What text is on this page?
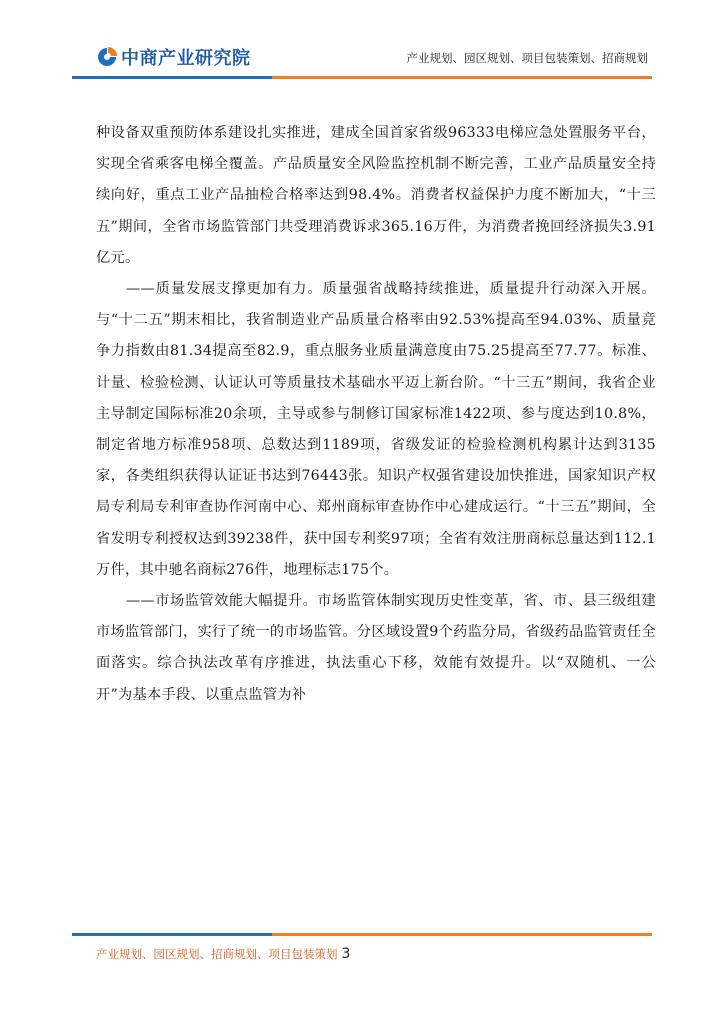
中商产业研究院	产业规划、园区规划、项目包装策划、招商规划

种设备双重预防体系建设扎实推进，建成全国首家省级96333电梯应急处置服务平台，实现全省乘客电梯全覆盖。产品质量安全风险监控机制不断完善，工业产品质量安全持续向好，重点工业产品抽检合格率达到98.4%。消费者权益保护力度不断加大，“十三五”期间，全省市场监管部门共受理消费诉求365.16万件，为消费者挽回经济损失3.91亿元。

——质量发展支撑更加有力。质量强省战略持续推进，质量提升行动深入开展。与“十二五”期末相比，我省制造业产品质量合格率由92.53%提高至94.03%、质量竞争力指数由81.34提高至82.9，重点服务业质量满意度由75.25提高至77.77。标准、计量、检验检测、认证认可等质量技术基础水平迈上新台阶。“十三五”期间，我省企业主导制定国际标准20余项，主导或参与制修订国家标准1422项、参与度达到10.8%，制定省地方标准958项、总数达到1189项，省级发证的检验检测机构累计达到3135家，各类组织获得认证证书达到76443张。知识产权强省建设加快推进，国家知识产权局专利局专利审查协作河南中心、郑州商标审查协作中心建成运行。“十三五”期间，全省发明专利授权达到39238件，获中国专利奖97项；全省有效注册商标总量达到112.1万件，其中驰名商标276件，地理标志175个。

——市场监管效能大幅提升。市场监管体制实现历史性变革，省、市、县三级组建市场监管部门，实行了统一的市场监管。分区域设置9个药监分局，省级药品监管责任全面落实。综合执法改革有序推进，执法重心下移，效能有效提升。以“双随机、一公开”为基本手段、以重点监管为补

产业规划、园区规划、招商规划、项目包装策划 3
